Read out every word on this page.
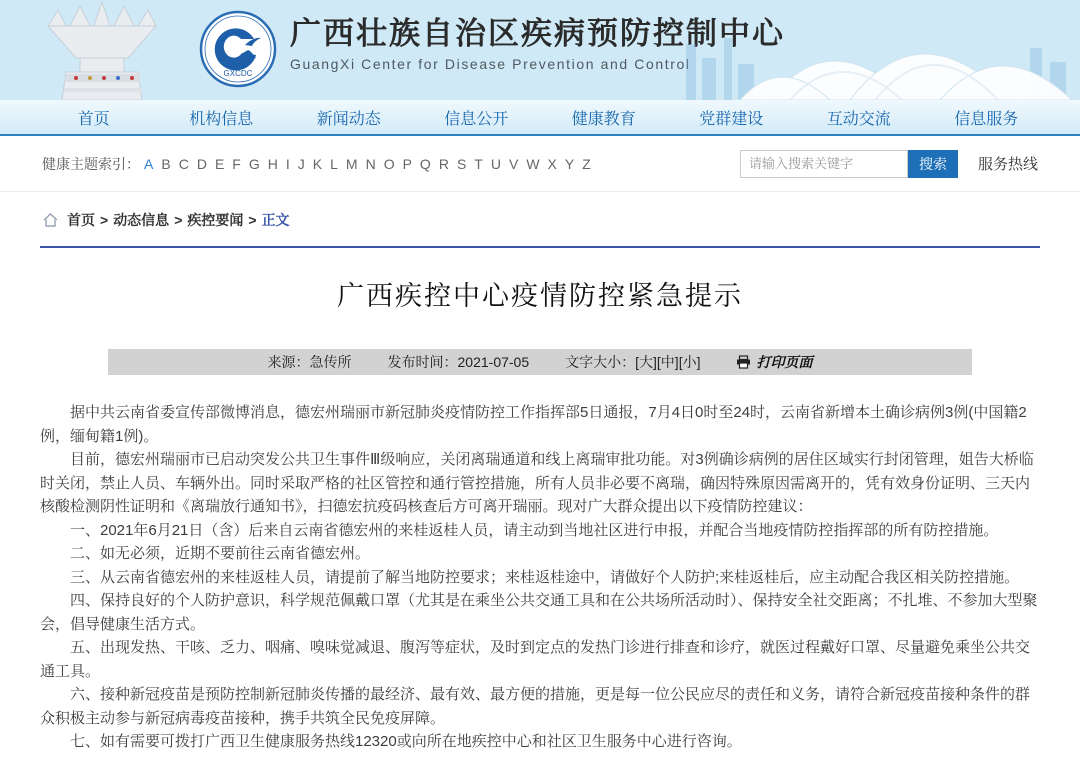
GXCDC
广西壮族自治区疾病预防控制中心
GuangXi Center for Disease Prevention and Control
首页	机构信息	新闻动态	信息公开	健康教育	党群建设	互动交流	信息服务
健康主题索引： A B C D E F G H I J K L M N O P Q R S T U V W X Y Z
请输入搜索关键字	搜索	服务热线
首页 > 动态信息 > 疾控要闻 > 正文
广西疾控中心疫情防控紧急提示
来源：急传所	发布时间：2021-07-05	文字大小： [大][中][小]	打印页面

据中共云南省委宣传部微博消息，德宏州瑞丽市新冠肺炎疫情防控工作指挥部5日通报，7月4日0时至24时，云南省新增本土确诊病例3例(中国籍2例，缅甸籍1例)。

目前，德宏州瑞丽市已启动突发公共卫生事件Ⅲ级响应，关闭离瑞通道和线上离瑞审批功能。对3例确诊病例的居住区域实行封闭管理，姐告大桥临时关闭，禁止人员、车辆外出。同时采取严格的社区管控和通行管控措施，所有人员非必要不离瑞，确因特殊原因需离开的，凭有效身份证明、三天内核酸检测阴性证明和《离瑞放行通知书》，扫德宏抗疫码核查后方可离开瑞丽。现对广大群众提出以下疫情防控建议：

一、2021年6月21日（含）后来自云南省德宏州的来桂返桂人员，请主动到当地社区进行申报，并配合当地疫情防控指挥部的所有防控措施。

二、如无必须，近期不要前往云南省德宏州。

三、从云南省德宏州的来桂返桂人员，请提前了解当地防控要求；来桂返桂途中，请做好个人防护;来桂返桂后，应主动配合我区相关防控措施。

四、保持良好的个人防护意识，科学规范佩戴口罩（尤其是在乘坐公共交通工具和在公共场所活动时）、保持安全社交距离；不扎堆、不参加大型聚会，倡导健康生活方式。

五、出现发热、干咳、乏力、咽痛、嗅味觉减退、腹泻等症状，及时到定点的发热门诊进行排查和诊疗，就医过程戴好口罩、尽量避免乘坐公共交通工具。

六、接种新冠疫苗是预防控制新冠肺炎传播的最经济、最有效、最方便的措施，更是每一位公民应尽的责任和义务，请符合新冠疫苗接种条件的群众积极主动参与新冠病毒疫苗接种，携手共筑全民免疫屏障。

七、如有需要可拨打广西卫生健康服务热线12320或向所在地疾控中心和社区卫生服务中心进行咨询。
